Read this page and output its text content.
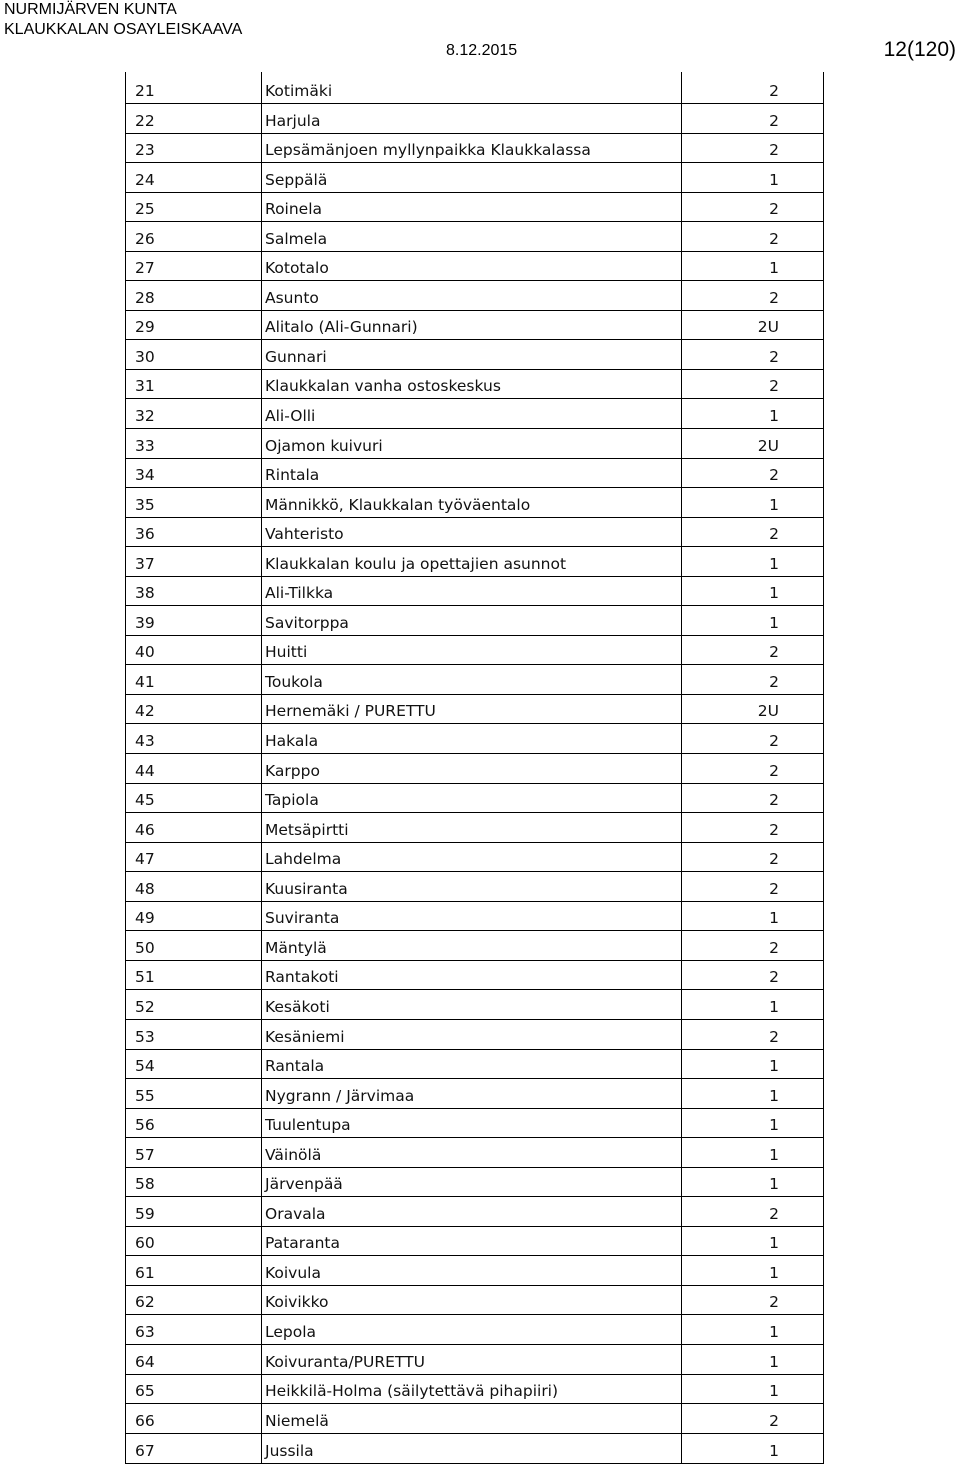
NURMIJÄRVEN KUNTA
KLAUKKALAN OSAYLEISKAAVA
8.12.2015	12(120)
21	Kotimäki	2
22	Harjula	2
23	Lepsämänjoen myllynpaikka Klaukkalassa	2
24	Seppälä	1
25	Roinela	2
26	Salmela	2
27	Kototalo	1
28	Asunto	2
29	Alitalo (Ali-Gunnari)	2U
30	Gunnari	2
31	Klaukkalan vanha ostoskeskus	2
32	Ali-Olli	1
33	Ojamon kuivuri	2U
34	Rintala	2
35	Männikkö, Klaukkalan työväentalo	1
36	Vahteristo	2
37	Klaukkalan koulu ja opettajien asunnot	1
38	Ali-Tilkka	1
39	Savitorppa	1
40	Huitti	2
41	Toukola	2
42	Hernemäki / PURETTU	2U
43	Hakala	2
44	Karppo	2
45	Tapiola	2
46	Metsäpirtti	2
47	Lahdelma	2
48	Kuusiranta	2
49	Suviranta	1
50	Mäntylä	2
51	Rantakoti	2
52	Kesäkoti	1
53	Kesäniemi	2
54	Rantala	1
55	Nygrann / Järvimaa	1
56	Tuulentupa	1
57	Väinölä	1
58	Järvenpää	1
59	Oravala	2
60	Pataranta	1
61	Koivula	1
62	Koivikko	2
63	Lepola	1
64	Koivuranta/PURETTU	1
65	Heikkilä-Holma (säilytettävä pihapiiri)	1
66	Niemelä	2
67	Jussila	1
